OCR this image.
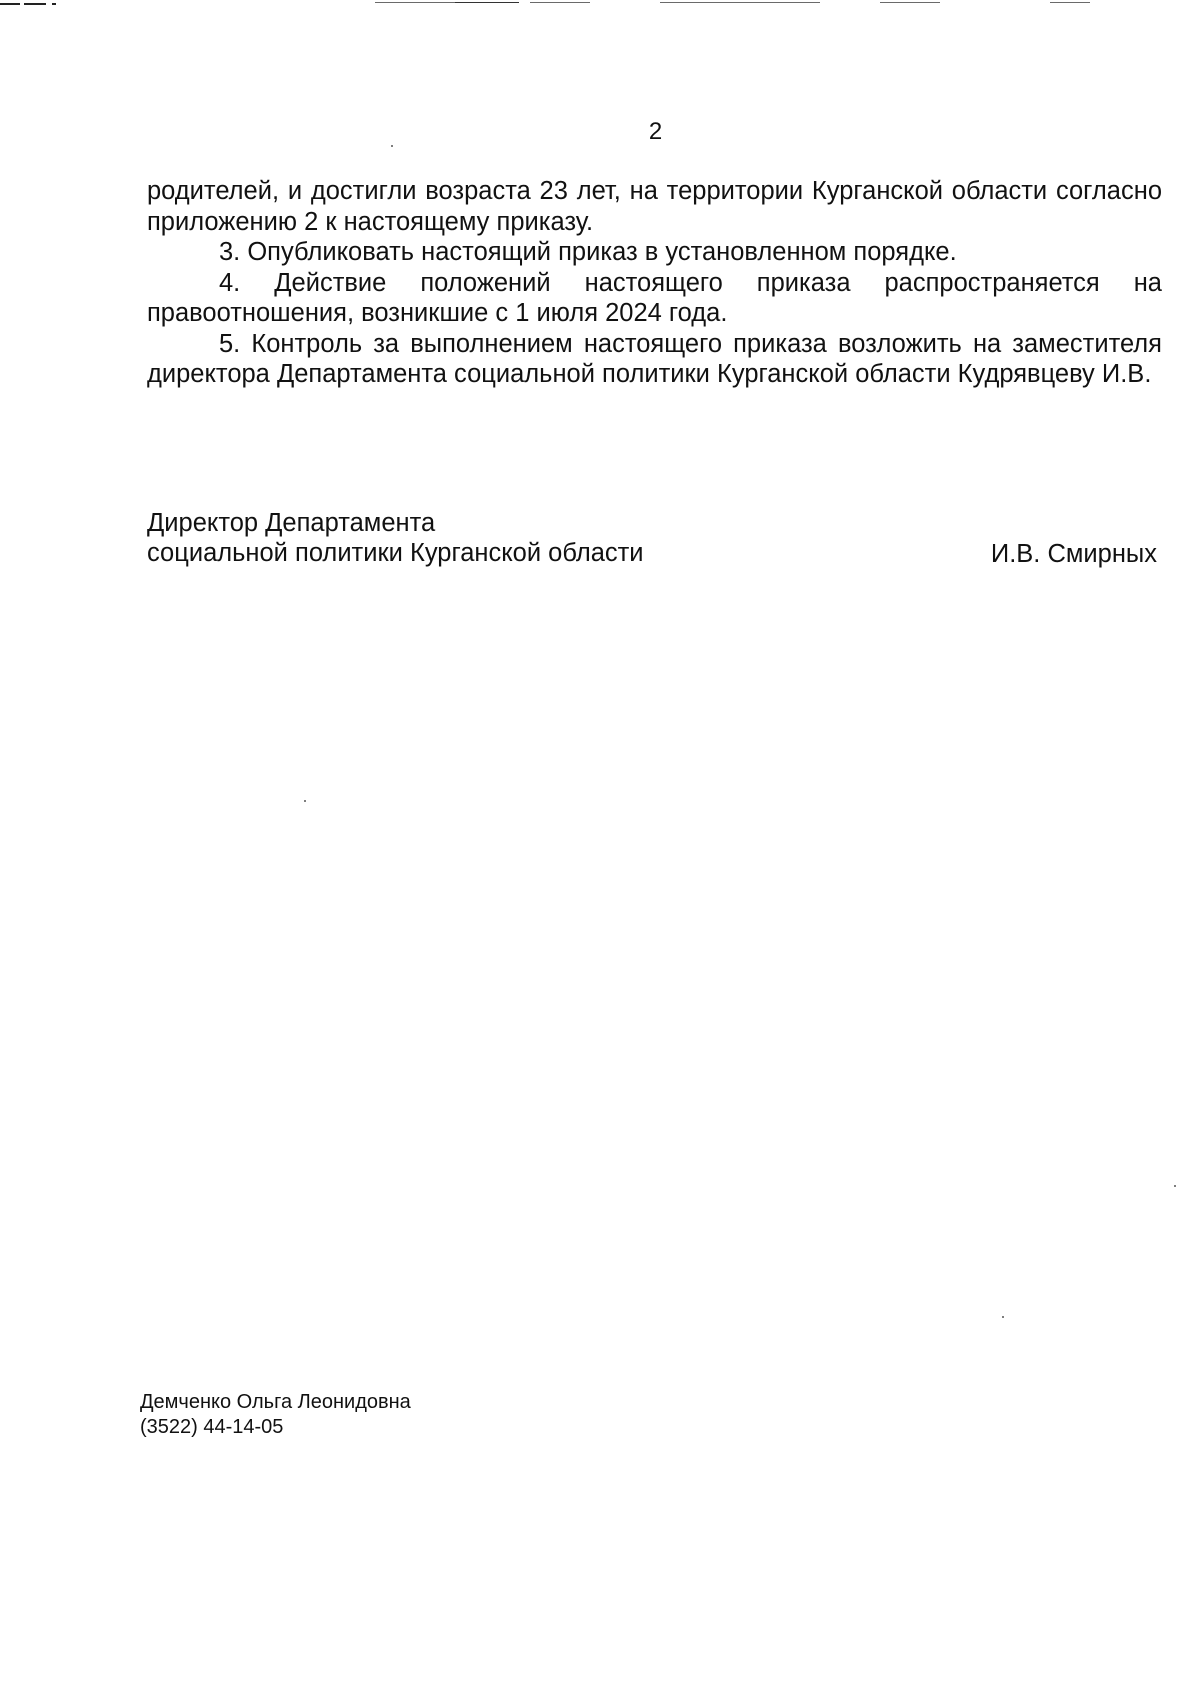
2

родителей, и достигли возраста 23 лет, на территории Курганской области согласно приложению 2 к настоящему приказу.

3. Опубликовать настоящий приказ в установленном порядке.

4. Действие положений настоящего приказа распространяется на правоотношения, возникшие с 1 июля 2024 года.

5. Контроль за выполнением настоящего приказа возложить на заместителя директора Департамента социальной политики Курганской области Кудрявцеву И.В.

Директор Департамента
социальной политики Курганской области	И.В. Смирных
Демченко Ольга Леонидовна
(3522) 44-14-05
